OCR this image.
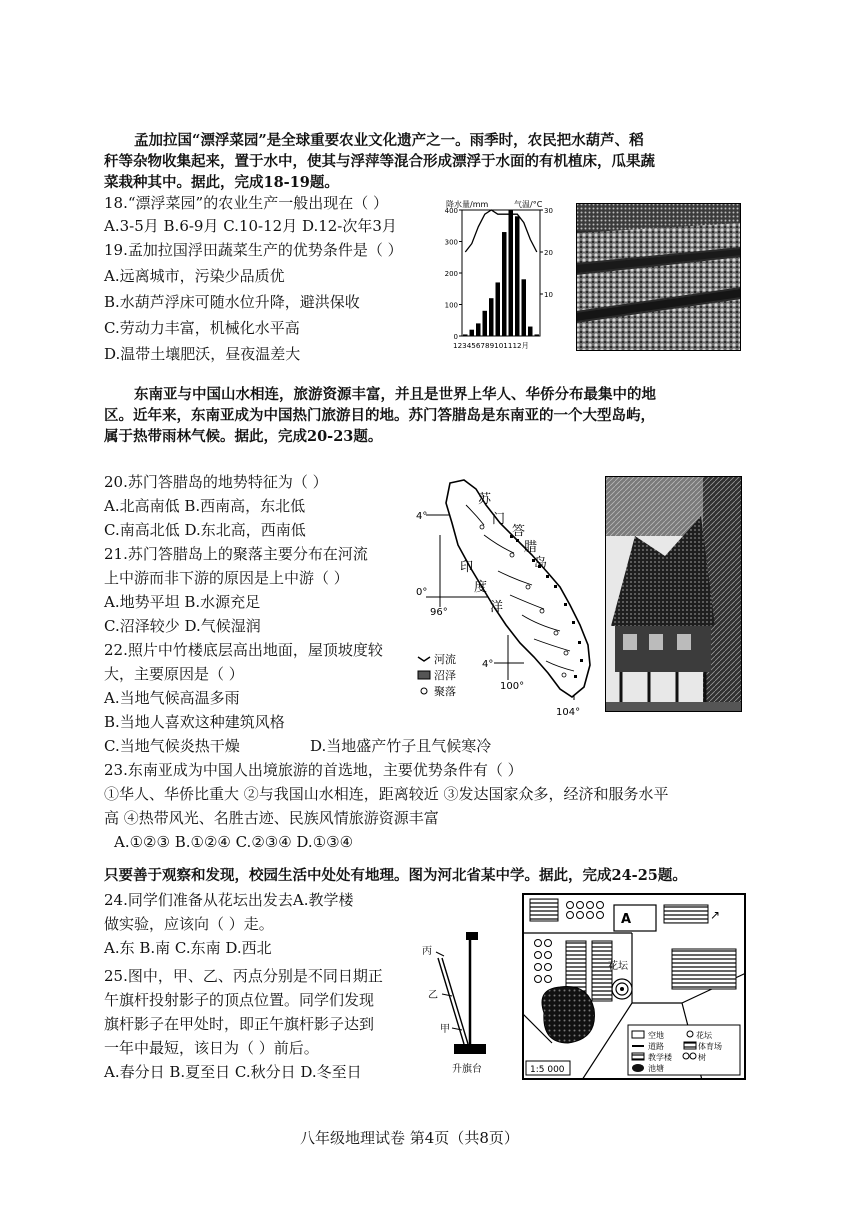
孟加拉国“漂浮菜园”是全球重要农业文化遗产之一。雨季时，农民把水葫芦、稻
秆等杂物收集起来，置于水中，使其与浮萍等混合形成漂浮于水面的有机植床，瓜果蔬
菜栽种其中。据此，完成18-19题。
18.“漂浮菜园”的农业生产一般出现在（ ）
A.3-5月 B.6-9月 C.10-12月 D.12-次年3月
19.孟加拉国浮田蔬菜生产的优势条件是（ ）
A.远离城市，污染少品质优
B.水葫芦浮床可随水位升降，避洪保收
C.劳动力丰富，机械化水平高
D.温带土壤肥沃，昼夜温差大
降水量/mm	气温/°C
123456789101112月
400
300
200
100
0
30
20
10
东南亚与中国山水相连，旅游资源丰富，并且是世界上华人、华侨分布最集中的地
区。近年来，东南亚成为中国热门旅游目的地。苏门答腊岛是东南亚的一个大型岛屿，
属于热带雨林气候。据此，完成20-23题。
20.苏门答腊岛的地势特征为（ ）
A.北高南低 B.西南高，东北低
C.南高北低 D.东北高，西南低
21.苏门答腊岛上的聚落主要分布在河流
上中游而非下游的原因是上中游（ ）
A.地势平坦 B.水源充足
C.沼泽较少 D.气候湿润
22.照片中竹楼底层高出地面，屋顶坡度较
大，主要原因是（ ）
A.当地气候高温多雨
B.当地人喜欢这种建筑风格
C.当地气候炎热干燥	D.当地盛产竹子且气候寒冷
4°
0°
4°
96°
100°
104°
苏
门
答
腊
岛
印
度
洋
河流
沼泽
聚落
23.东南亚成为中国人出境旅游的首选地，主要优势条件有（ ）
①华人、华侨比重大 ②与我国山水相连，距离较近 ③发达国家众多，经济和服务水平
高 ④热带风光、名胜古迹、民族风情旅游资源丰富
A.①②③ B.①②④ C.②③④ D.①③④
只要善于观察和发现，校园生活中处处有地理。图为河北省某中学。据此，完成24-25题。
24.同学们准备从花坛出发去A.教学楼
做实验，应该向（ ）走。
A.东 B.南 C.东南 D.西北
25.图中，甲、乙、丙点分别是不同日期正
午旗杆投射影子的顶点位置。同学们发现
旗杆影子在甲处时，即正午旗杆影子达到
一年中最短，该日为（ ）前后。
A.春分日 B.夏至日 C.秋分日 D.冬至日
丙
乙
甲
升旗台
A	↗
花坛
空地	花坛
道路	体育场
教学楼	树
池塘
1:5 000
八年级地理试卷 第4页（共8页）
